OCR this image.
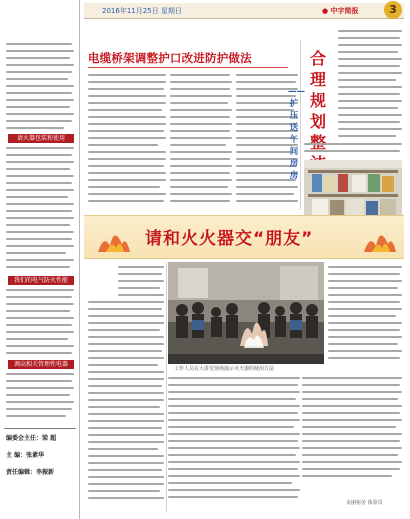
请火器包装和使用
我们的电气防火性能
调高相关管理性电器
编委会主任：梁 超
主 编：张素华
责任编辑：李振新
2016年11月25日 星期日	● 中字简报	3
电缆桥架调整护口改进防护做法	合理规划
—— 扩压送午间房房
请和火火器交“朋友”
工作人员在大讲堂现场演示灭火器的使用方法
美丽宿舍 体验员
